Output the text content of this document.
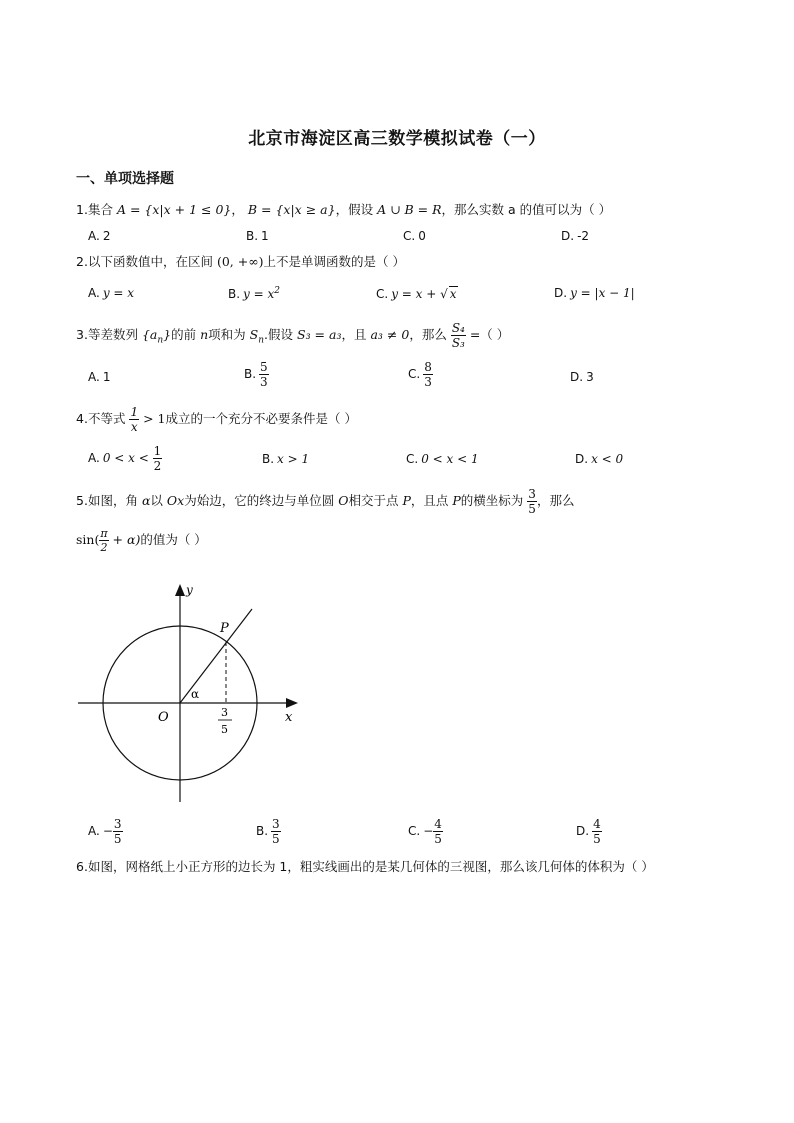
北京市海淀区高三数学模拟试卷（一）
一、单项选择题
1.集合 A = {x|x + 1 ≤ 0}， B = {x|x ≥ a}，假设 A ∪ B = R，那么实数 a 的值可以为（ ）
A. 2	B. 1	C. 0	D. -2
2.以下函数值中，在区间 (0, +∞)上不是单调函数的是（ ）
A. y = x	B. $y = x^2$	C. y = x + √ x	D. y = |x − 1|
3.等差数列 $\{a_n\}$的前 n项和为 $S_n$.假设 S₃ = a₃，且 a₃ ≠ 0，那么 $\frac{\text{S₄}}{\text{S₃}}$ =（ ）
A. 1	B. $\frac{5}{3}$	C. $\frac{8}{3}$	D. 3
4.不等式 $\frac{1}{x} > 1$成立的一个充分不必要条件是（ ）
A. $0 < x < \frac{1}{2}$	B. x > 1	C. 0 < x < 1	D. x < 0
5.如图，角 α以 Ox为始边，它的终边与单位圆 O相交于点 P，且点 P的横坐标为 $\frac{3}{5}$ ，那么
$\sin( \frac{\pi}{2} + \alpha)$的值为（ ）
y
x
P
O
α
3
5
A. − $\frac{3}{5}$	B. $\frac{3}{5}$	C. − $\frac{4}{5}$	D. $\frac{4}{5}$
6.如图，网格纸上小正方形的边长为 1，粗实线画出的是某几何体的三视图，那么该几何体的体积为（ ）
